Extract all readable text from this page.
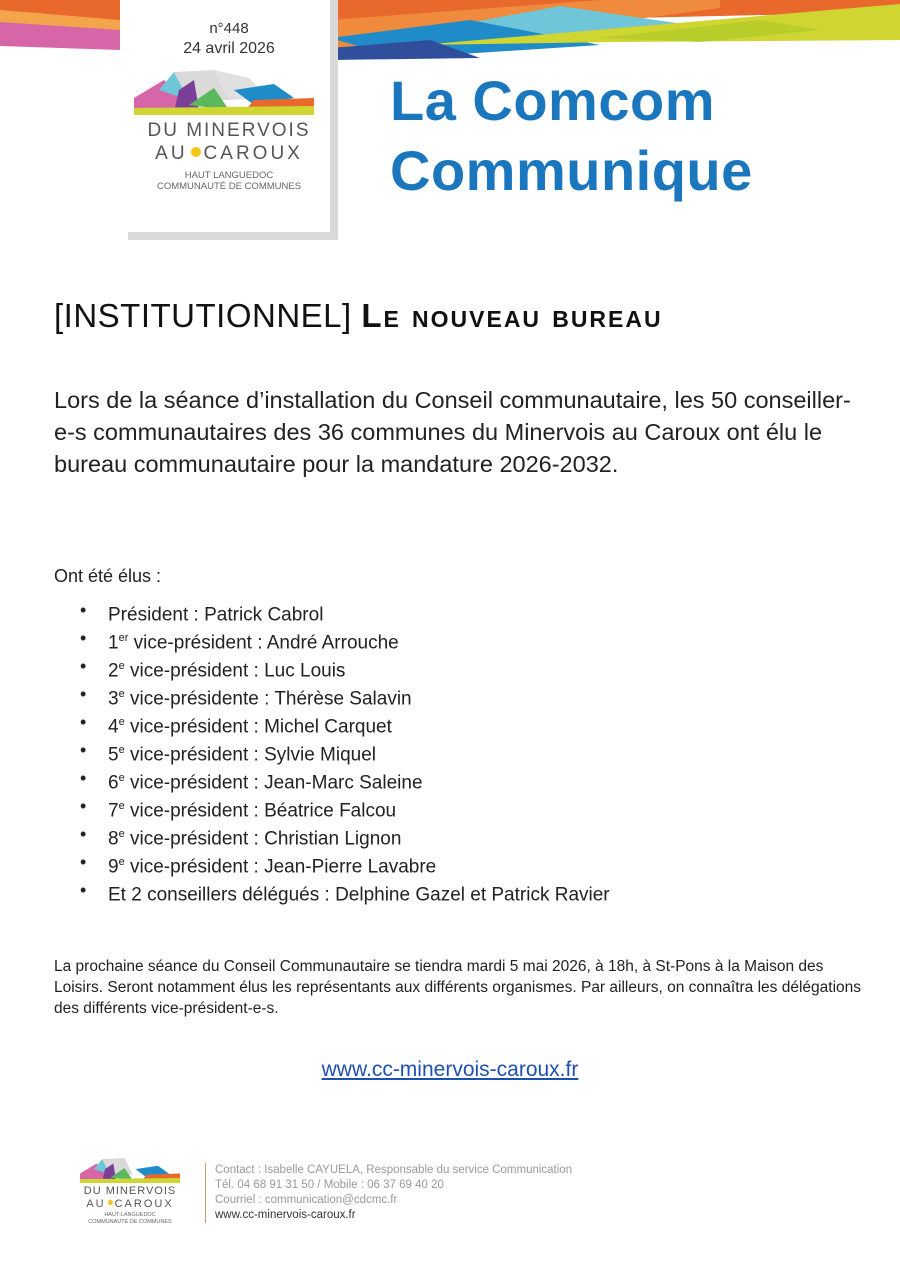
n°448
24 avril 2026
DU MINERVOIS
AU CAROUX
HAUT LANGUEDOC
COMMUNAUTÉ DE COMMUNES
La Comcom
Communique
[INSTITUTIONNEL] Le nouveau bureau
Lors de la séance d’installation du Conseil communautaire, les 50 conseiller-e-s communautaires des 36 communes du Minervois au Caroux ont élu le bureau communautaire pour la mandature 2026-2032.
Ont été élus :
• Président : Patrick Cabrol
• 1er vice-président : André Arrouche
• 2e vice-président : Luc Louis
• 3e vice-présidente : Thérèse Salavin
• 4e vice-président : Michel Carquet
• 5e vice-président : Sylvie Miquel
• 6e vice-président : Jean-Marc Saleine
• 7e vice-président : Béatrice Falcou
• 8e vice-président : Christian Lignon
• 9e vice-président : Jean-Pierre Lavabre
• Et 2 conseillers délégués : Delphine Gazel et Patrick Ravier
La prochaine séance du Conseil Communautaire se tiendra mardi 5 mai 2026, à 18h, à St-Pons à la Maison des Loisirs. Seront notamment élus les représentants aux différents organismes. Par ailleurs, on connaîtra les délégations des différents vice-président-e-s.
www.cc-minervois-caroux.fr
DU MINERVOIS
AU CAROUX
HAUT-LANGUEDOC
COMMUNAUTÉ DE COMMUNES
Contact : Isabelle CAYUELA, Responsable du service Communication
Tél. 04 68 91 31 50 / Mobile : 06 37 69 40 20
Courriel : communication@cdcmc.fr
www.cc-minervois-caroux.fr
